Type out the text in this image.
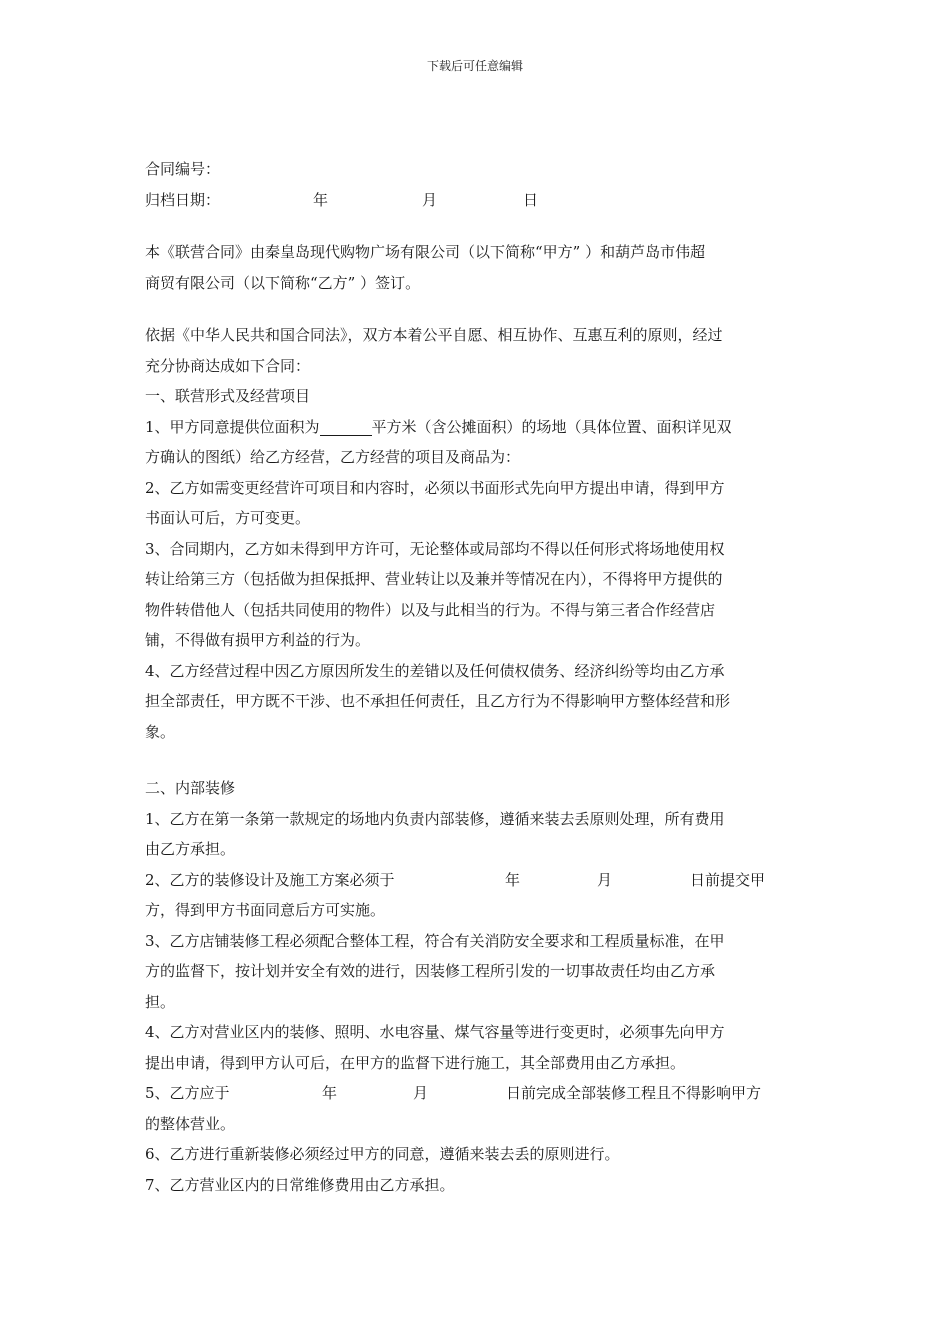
下载后可任意编辑
合同编号：
归档日期：	年	月	日
本《联营合同》由秦皇岛现代购物广场有限公司（以下简称“甲方” ）和葫芦岛市伟超
商贸有限公司（以下简称“乙方” ）签订。
依据《中华人民共和国合同法》，双方本着公平自愿、相互协作、互惠互利的原则，经过
充分协商达成如下合同：
一、联营形式及经营项目
1、甲方同意提供位面积为	平方米（含公摊面积）的场地（具体位置、面积详见双
方确认的图纸）给乙方经营，乙方经营的项目及商品为：
2、乙方如需变更经营许可项目和内容时，必须以书面形式先向甲方提出申请，得到甲方
书面认可后，方可变更。
3、合同期内，乙方如未得到甲方许可，无论整体或局部均不得以任何形式将场地使用权
转让给第三方（包括做为担保抵押、营业转让以及兼并等情况在内），不得将甲方提供的
物件转借他人（包括共同使用的物件）以及与此相当的行为。不得与第三者合作经营店
铺，不得做有损甲方利益的行为。
4、乙方经营过程中因乙方原因所发生的差错以及任何债权债务、经济纠纷等均由乙方承
担全部责任，甲方既不干涉、也不承担任何责任，且乙方行为不得影响甲方整体经营和形
象。
二、内部装修
1、乙方在第一条第一款规定的场地内负责内部装修，遵循来装去丢原则处理，所有费用
由乙方承担。
2、乙方的装修设计及施工方案必须于	年	月	日前提交甲
方，得到甲方书面同意后方可实施。
3、乙方店铺装修工程必须配合整体工程，符合有关消防安全要求和工程质量标准，在甲
方的监督下，按计划并安全有效的进行，因装修工程所引发的一切事故责任均由乙方承
担。
4、乙方对营业区内的装修、照明、水电容量、煤气容量等进行变更时，必须事先向甲方
提出申请，得到甲方认可后，在甲方的监督下进行施工，其全部费用由乙方承担。
5、乙方应于	年	月	日前完成全部装修工程且不得影响甲方
的整体营业。
6、乙方进行重新装修必须经过甲方的同意，遵循来装去丢的原则进行。
7、乙方营业区内的日常维修费用由乙方承担。
